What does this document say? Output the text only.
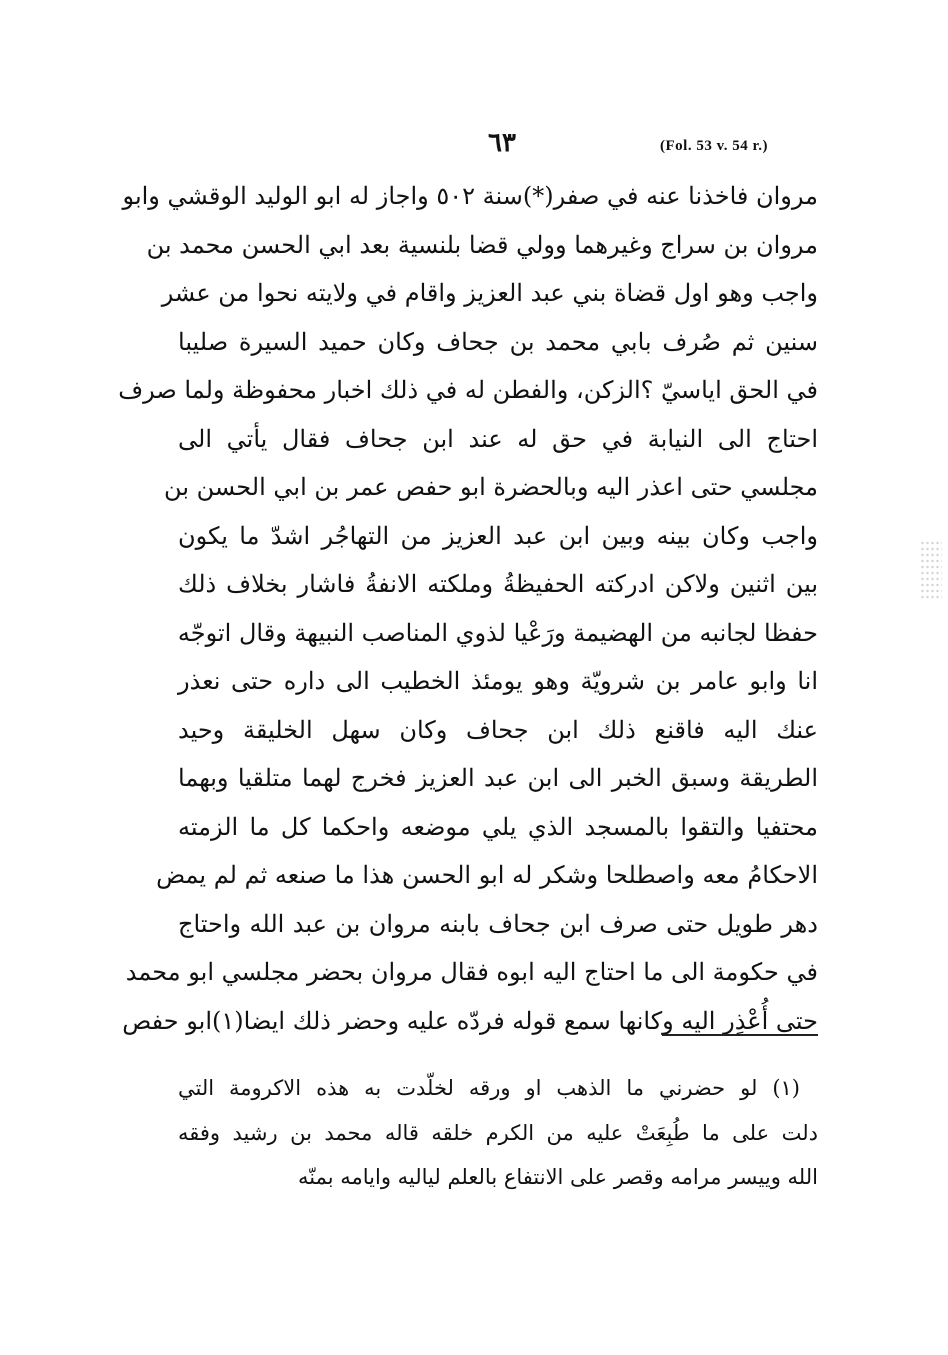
٦٣	(Fol. 53 v. 54 r.)
مروان فاخذنا عنه في صفر(*)سنة ٥٠٢ واجاز له ابو الوليد الوقشي وابو
مروان بن سراج وغيرهما وولي قضا بلنسية بعد ابي الحسن محمد بن
واجب وهو اول قضاة بني عبد العزيز واقام في ولايته نحوا من عشر
سنين ثم صُرف بابي محمد بن جحاف وكان حميد السيرة صليبا
في الحق اياسيّ ؟الزكن، والفطن له في ذلك اخبار محفوظة ولما صرف
احتاج الى النيابة في حق له عند ابن جحاف فقال يأتي الى
مجلسي حتى اعذر اليه وبالحضرة ابو حفص عمر بن ابي الحسن بن
واجب وكان بينه وبين ابن عبد العزيز من التهاجُر اشدّ ما يكون
بين اثنين ولاكن ادركته الحفيظةُ وملكته الانفةُ فاشار بخلاف ذلك
حفظا لجانبه من الهضيمة ورَعْيا لذوي المناصب النبيهة وقال اتوجّه
انا وابو عامر بن شرويّة وهو يومئذ الخطيب الى داره حتى نعذر
عنك اليه فاقنع ذلك ابن جحاف وكان سهل الخليقة وحيد
الطريقة وسبق الخبر الى ابن عبد العزيز فخرج لهما متلقيا وبهما
محتفيا والتقوا بالمسجد الذي يلي موضعه واحكما كل ما الزمته
الاحكامُ معه واصطلحا وشكر له ابو الحسن هذا ما صنعه ثم لم يمض
دهر طويل حتى صرف ابن جحاف بابنه مروان بن عبد الله واحتاج
في حكومة الى ما احتاج اليه ابوه فقال مروان بحضر مجلسي ابو محمد
حتى أُعْذِر اليه وكانها سمع قوله فردّه عليه وحضر ذلك ايضا(١)ابو حفص
(١) لو حضرني ما الذهب او ورقه لخلّدت به هذه الاكرومة التي
دلت على ما طُبِعَتْ عليه من الكرم خلقه قاله محمد بن رشيد وفقه
الله وييسر مرامه وقصر على الانتفاع بالعلم لياليه وايامه بمنّه
